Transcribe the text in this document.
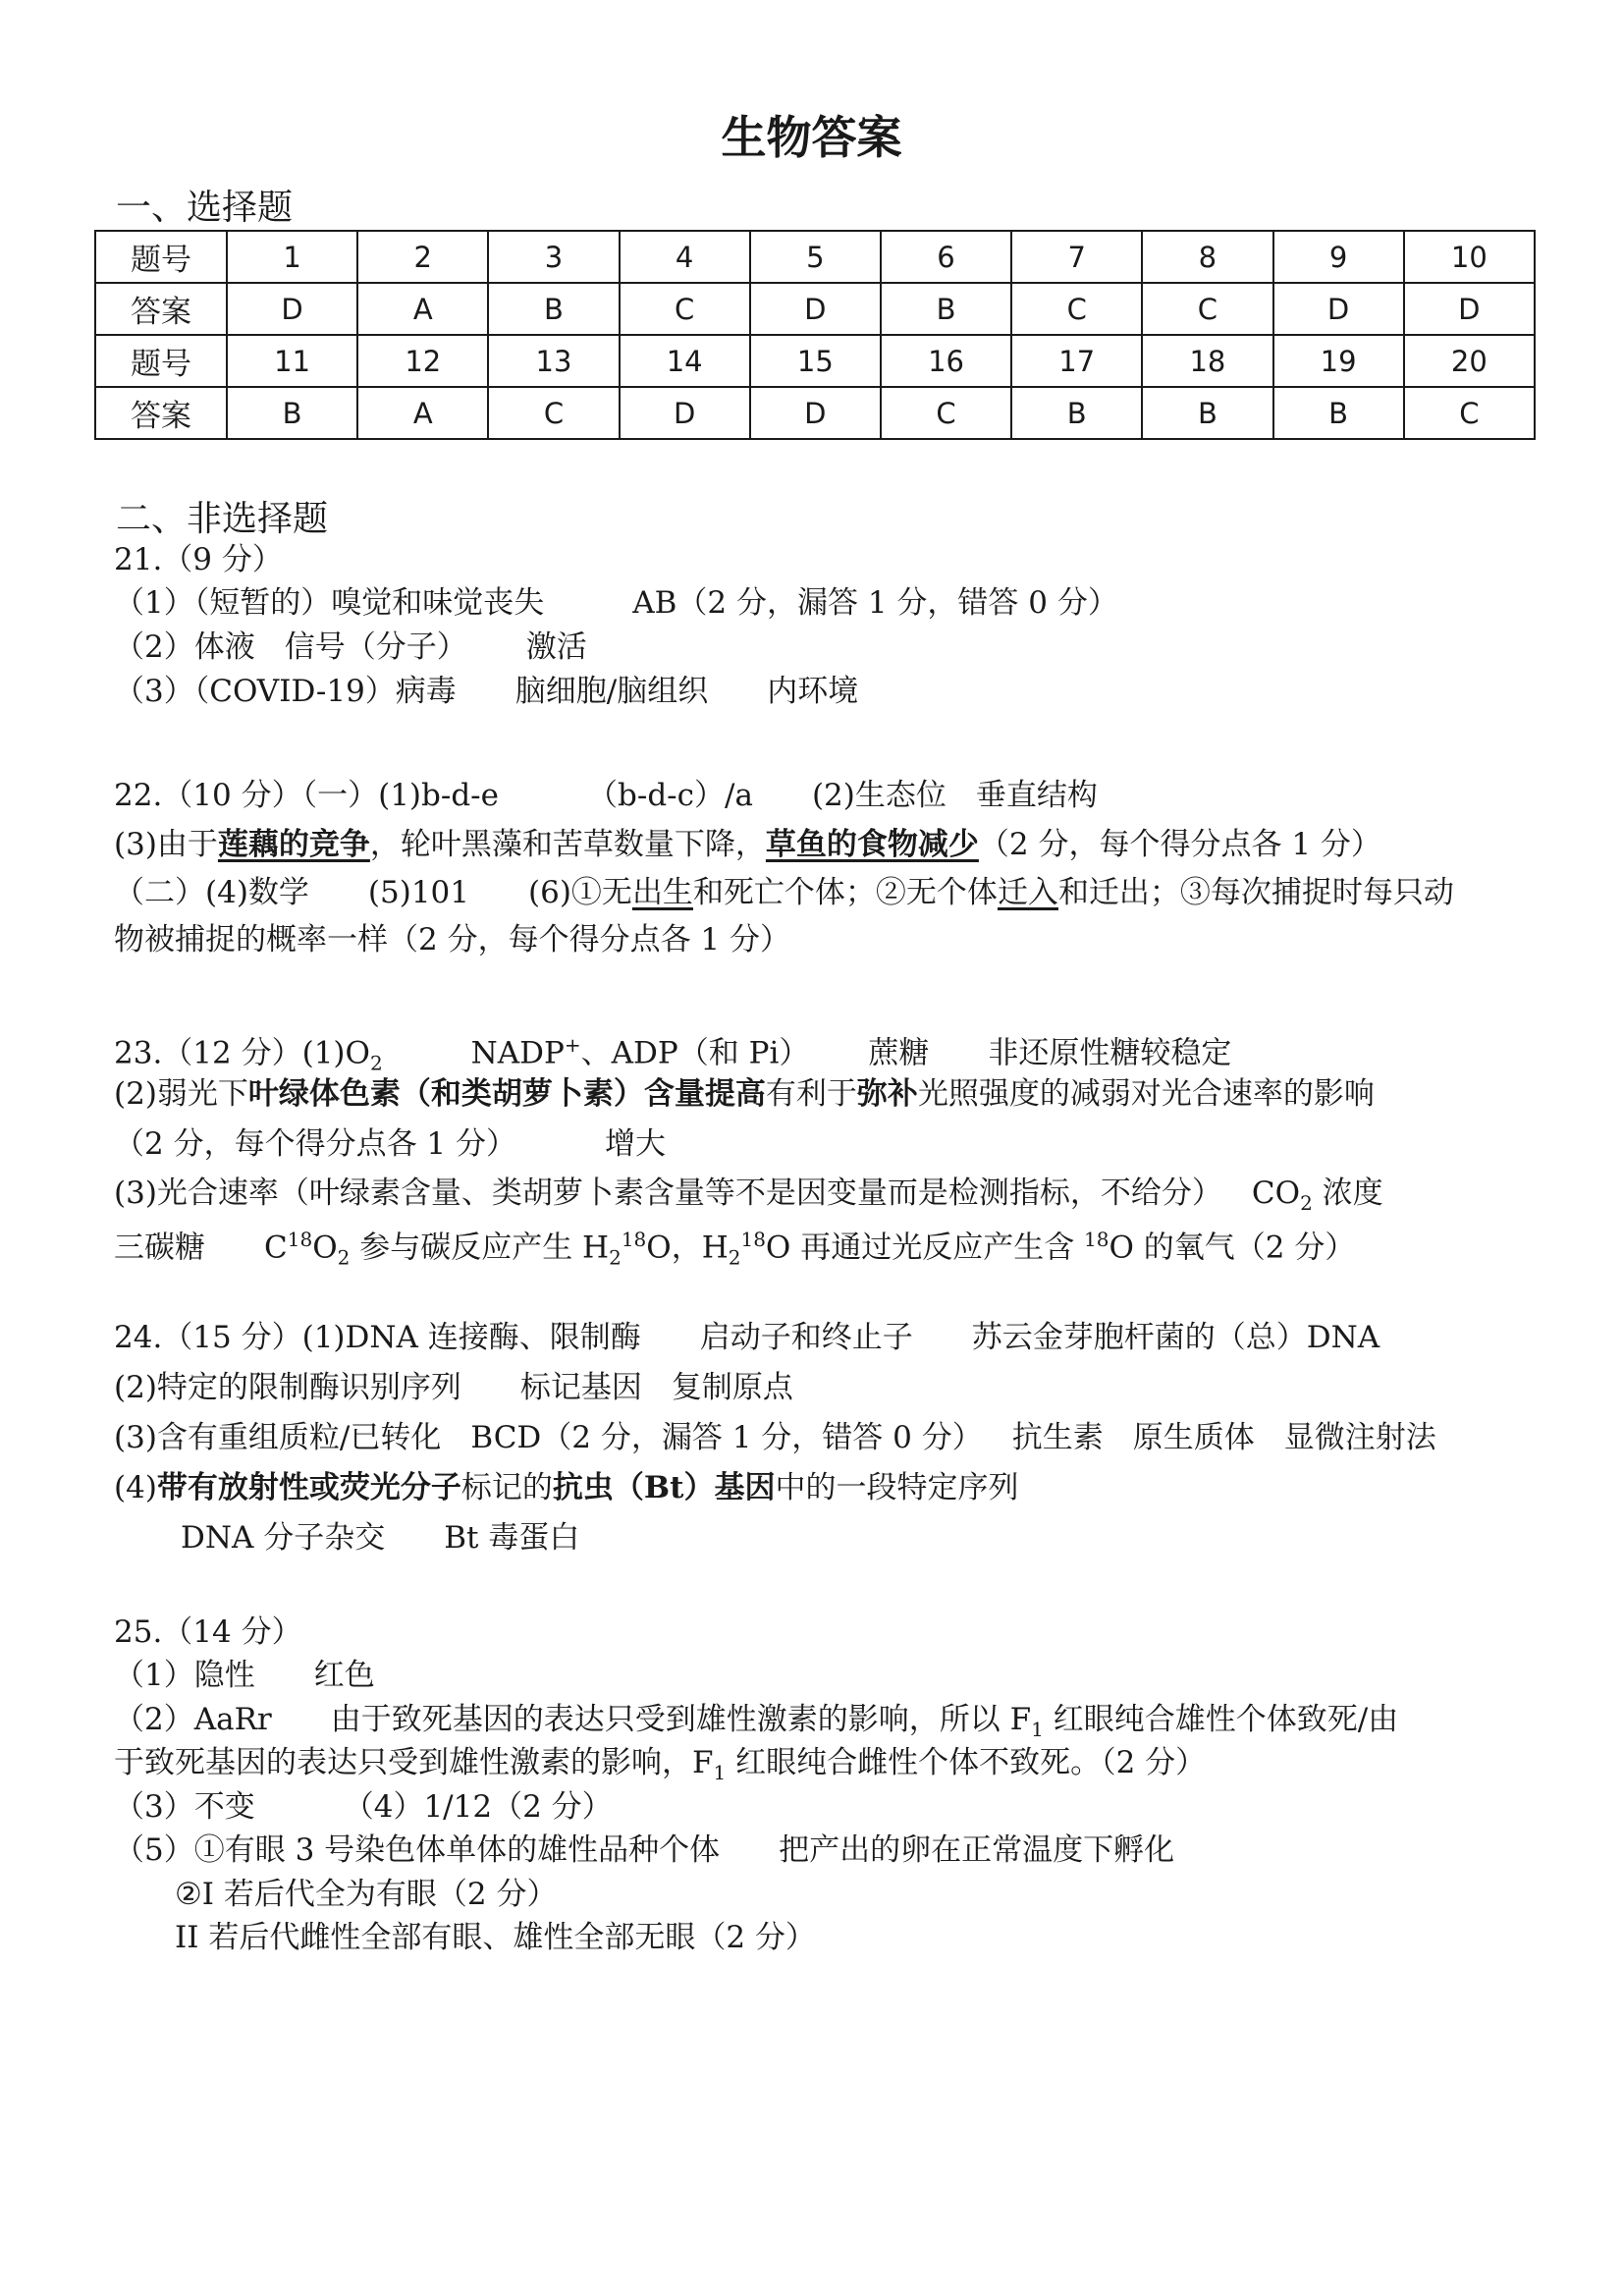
生物答案
一、选择题
题号	1	2	3	4	5	6	7	8	9	10
答案	D	A	B	C	D	B	C	C	D	D
题号	11	12	13	14	15	16	17	18	19	20
答案	B	A	C	D	D	C	B	B	B	C
二、非选择题
21.（9 分）
（1）（短暂的）嗅觉和味觉丧失	AB（2 分，漏答 1 分，错答 0 分）
（2）体液 信号（分子） 激活
（3）（COVID-19）病毒 脑细胞/脑组织 内环境
22.（10 分）（一）(1)b-d-e	（b-d-c）/a (2)生态位 垂直结构
(3)由于莲藕的竞争，轮叶黑藻和苦草数量下降，草鱼的食物减少（2 分，每个得分点各 1 分）
（二）(4)数学 (5)101 (6)①无出生和死亡个体；②无个体迁入和迁出；③每次捕捉时每只动
物被捕捉的概率一样（2 分，每个得分点各 1 分）
23.（12 分）$(1)O_2$	NADP+、ADP（和 Pi） 蔗糖 非还原性糖较稳定
(2)弱光下叶绿体色素（和类胡萝卜素）含量提高有利于弥补光照强度的减弱对光合速率的影响
（2 分，每个得分点各 1 分）	增大
(3)光合速率（叶绿素含量、类胡萝卜素含量等不是因变量而是检测指标，不给分） $CO_2$ 浓度
三碳糖 $C^{18}O_2$ 参与碳反应产生 $H_2^{18}O$，$H_2^{18}O$ 再通过光反应产生含 $^{18}$O 的氧气（2 分）
24.（15 分）(1)DNA 连接酶、限制酶 启动子和终止子 苏云金芽胞杆菌的（总）DNA
(2)特定的限制酶识别序列 标记基因 复制原点
(3)含有重组质粒/已转化 BCD（2 分，漏答 1 分，错答 0 分） 抗生素 原生质体 显微注射法
(4)带有放射性或荧光分子标记的抗虫（Bt）基因中的一段特定序列
DNA 分子杂交 Bt 毒蛋白
25.（14 分）
（1）隐性 红色
（2）AaRr 由于致死基因的表达只受到雄性激素的影响，所以 $F_1$ 红眼纯合雄性个体致死/由
于致死基因的表达只受到雄性激素的影响，$F_1$ 红眼纯合雌性个体不致死。（2 分）
（3）不变	（4）1/12（2 分）
（5）①有眼 3 号染色体单体的雄性品种个体 把产出的卵在正常温度下孵化
②I 若后代全为有眼（2 分）
II 若后代雌性全部有眼、雄性全部无眼（2 分）
